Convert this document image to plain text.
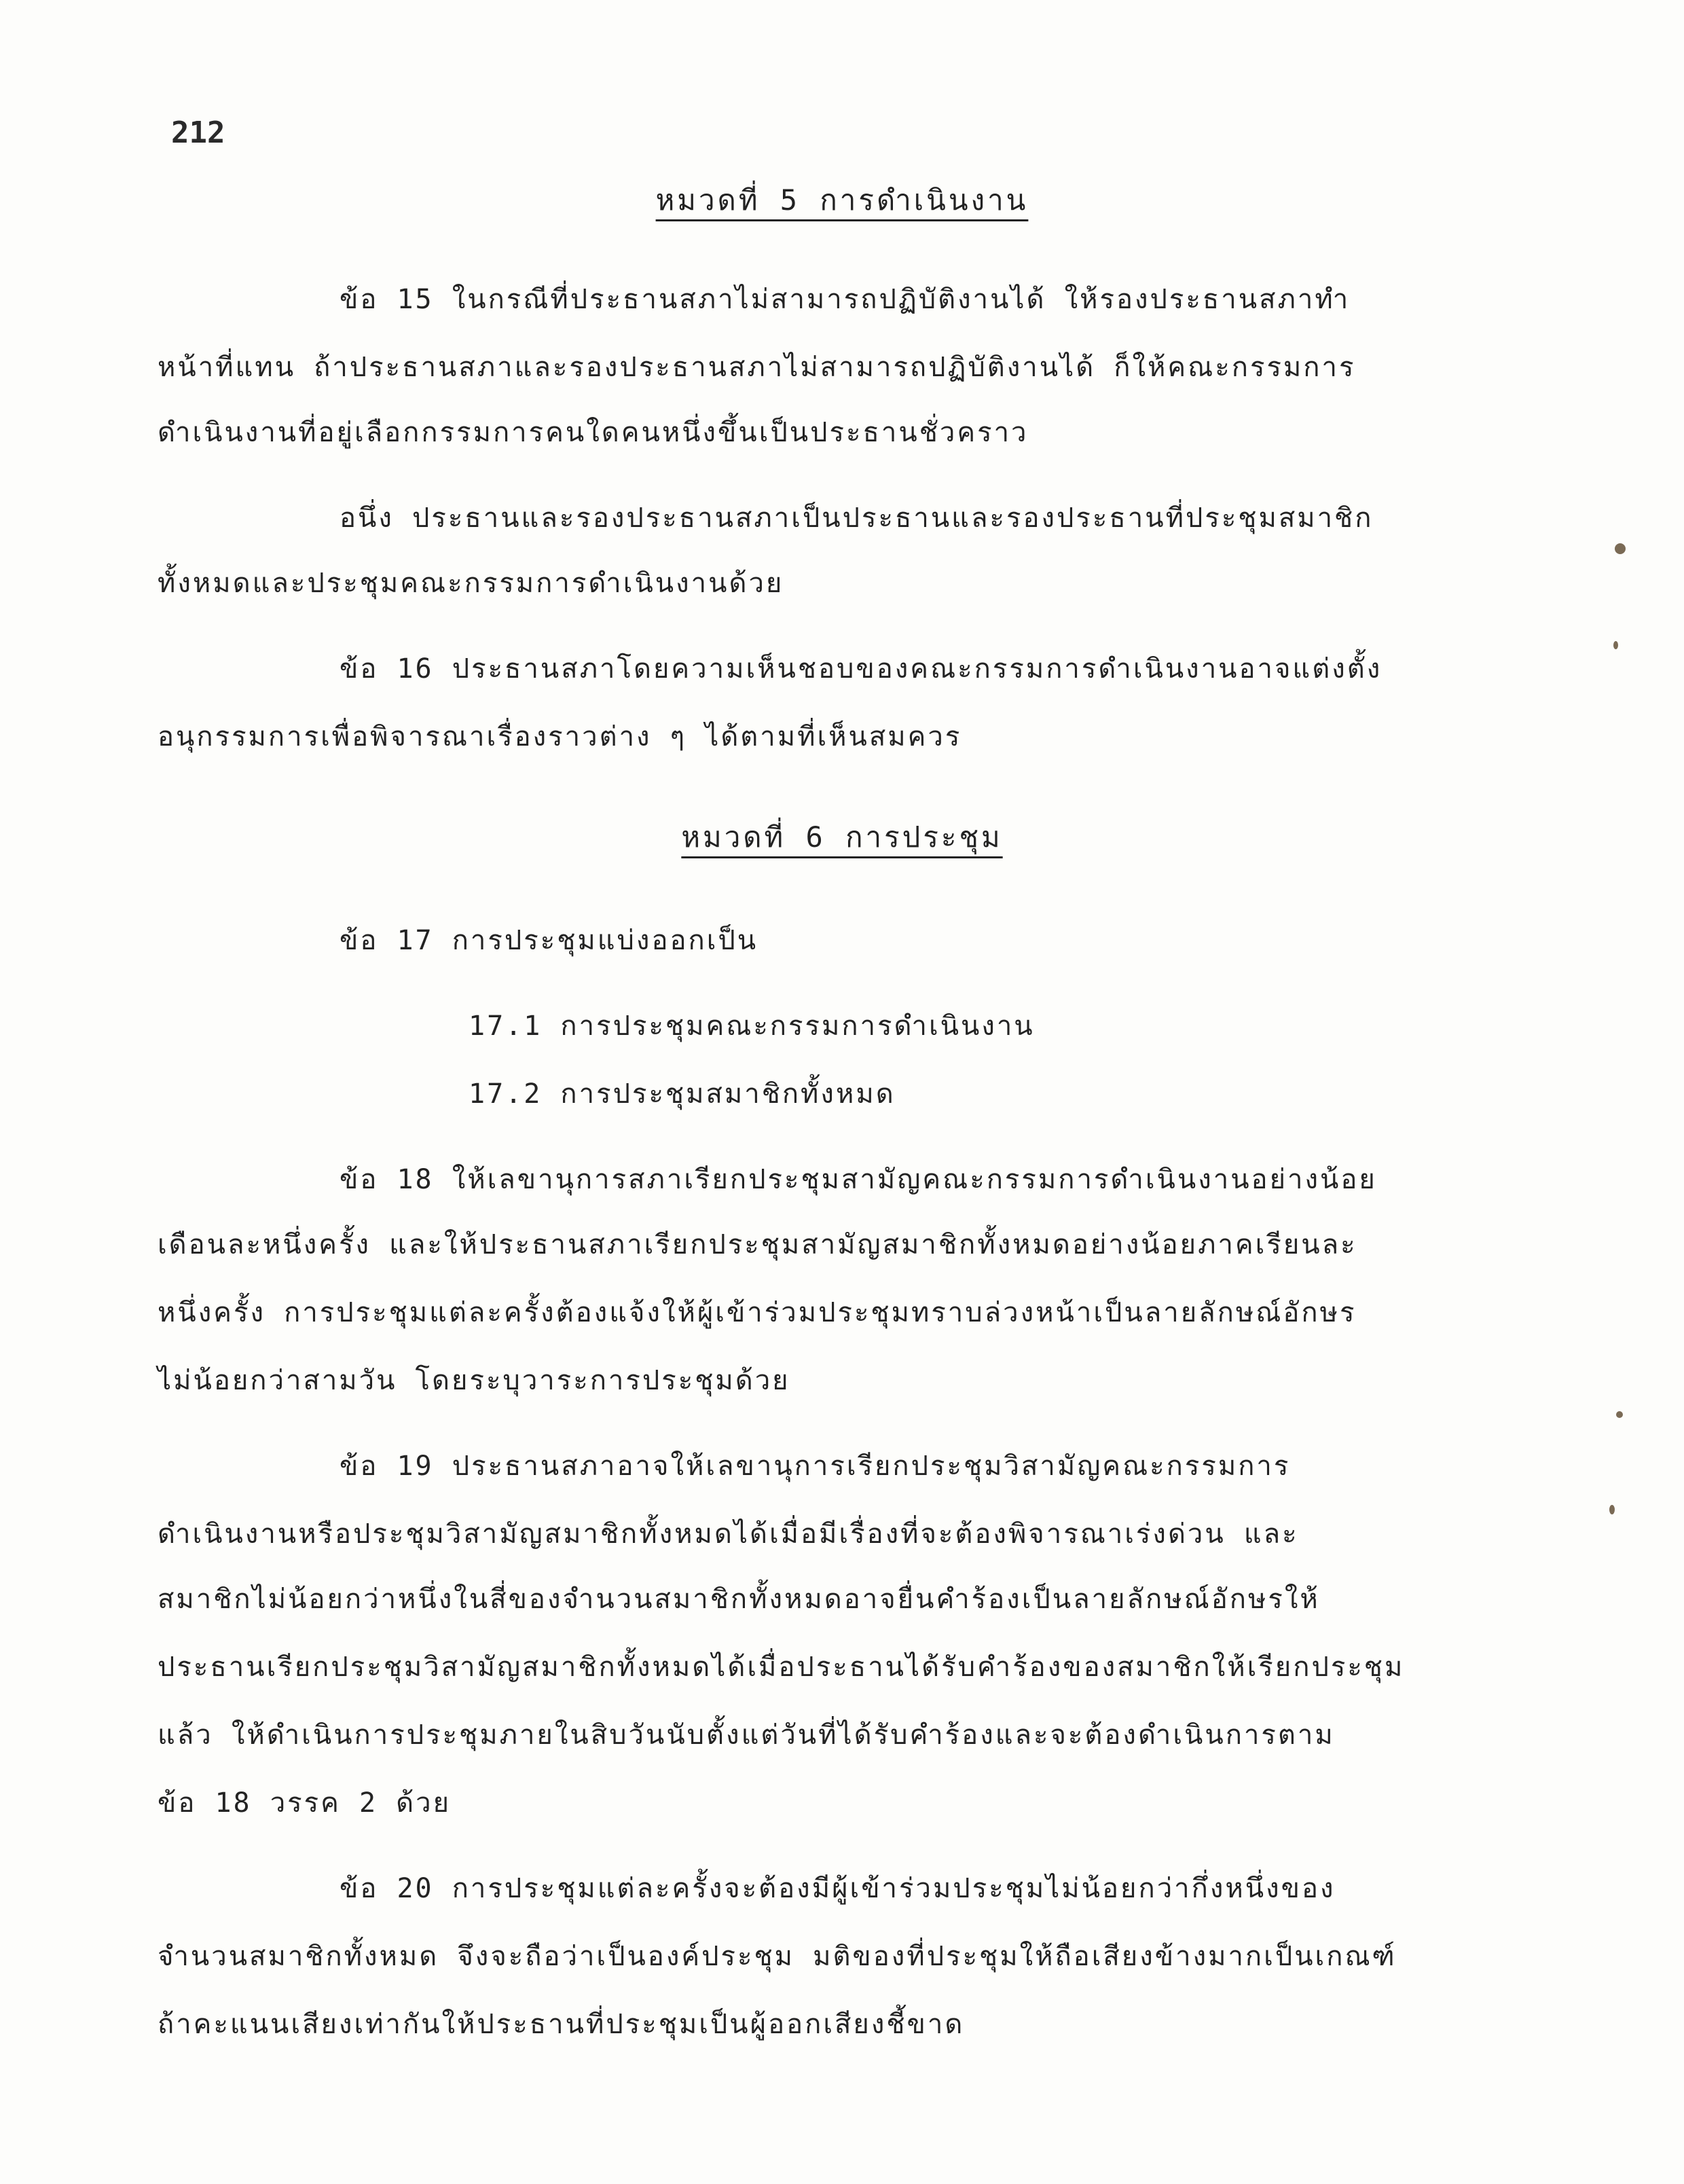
212
หมวดที่ 5 การดำเนินงาน
ข้อ 15 ในกรณีที่ประธานสภาไม่สามารถปฏิบัติงานได้ ให้รองประธานสภาทำ
หน้าที่แทน ถ้าประธานสภาและรองประธานสภาไม่สามารถปฏิบัติงานได้ ก็ให้คณะกรรมการ
ดำเนินงานที่อยู่เลือกกรรมการคนใดคนหนึ่งขึ้นเป็นประธานชั่วคราว
อนึ่ง ประธานและรองประธานสภาเป็นประธานและรองประธานที่ประชุมสมาชิก
ทั้งหมดและประชุมคณะกรรมการดำเนินงานด้วย
ข้อ 16 ประธานสภาโดยความเห็นชอบของคณะกรรมการดำเนินงานอาจแต่งตั้ง
อนุกรรมการเพื่อพิจารณาเรื่องราวต่าง ๆ ได้ตามที่เห็นสมควร
หมวดที่ 6 การประชุม
ข้อ 17 การประชุมแบ่งออกเป็น
17.1 การประชุมคณะกรรมการดำเนินงาน
17.2 การประชุมสมาชิกทั้งหมด
ข้อ 18 ให้เลขานุการสภาเรียกประชุมสามัญคณะกรรมการดำเนินงานอย่างน้อย
เดือนละหนึ่งครั้ง และให้ประธานสภาเรียกประชุมสามัญสมาชิกทั้งหมดอย่างน้อยภาคเรียนละ
หนึ่งครั้ง การประชุมแต่ละครั้งต้องแจ้งให้ผู้เข้าร่วมประชุมทราบล่วงหน้าเป็นลายลักษณ์อักษร
ไม่น้อยกว่าสามวัน โดยระบุวาระการประชุมด้วย
ข้อ 19 ประธานสภาอาจให้เลขานุการเรียกประชุมวิสามัญคณะกรรมการ
ดำเนินงานหรือประชุมวิสามัญสมาชิกทั้งหมดได้เมื่อมีเรื่องที่จะต้องพิจารณาเร่งด่วน และ
สมาชิกไม่น้อยกว่าหนึ่งในสี่ของจำนวนสมาชิกทั้งหมดอาจยื่นคำร้องเป็นลายลักษณ์อักษรให้
ประธานเรียกประชุมวิสามัญสมาชิกทั้งหมดได้เมื่อประธานได้รับคำร้องของสมาชิกให้เรียกประชุม
แล้ว ให้ดำเนินการประชุมภายในสิบวันนับตั้งแต่วันที่ได้รับคำร้องและจะต้องดำเนินการตาม
ข้อ 18 วรรค 2 ด้วย
ข้อ 20 การประชุมแต่ละครั้งจะต้องมีผู้เข้าร่วมประชุมไม่น้อยกว่ากึ่งหนึ่งของ
จำนวนสมาชิกทั้งหมด จึงจะถือว่าเป็นองค์ประชุม มติของที่ประชุมให้ถือเสียงข้างมากเป็นเกณฑ์
ถ้าคะแนนเสียงเท่ากันให้ประธานที่ประชุมเป็นผู้ออกเสียงชี้ขาด
